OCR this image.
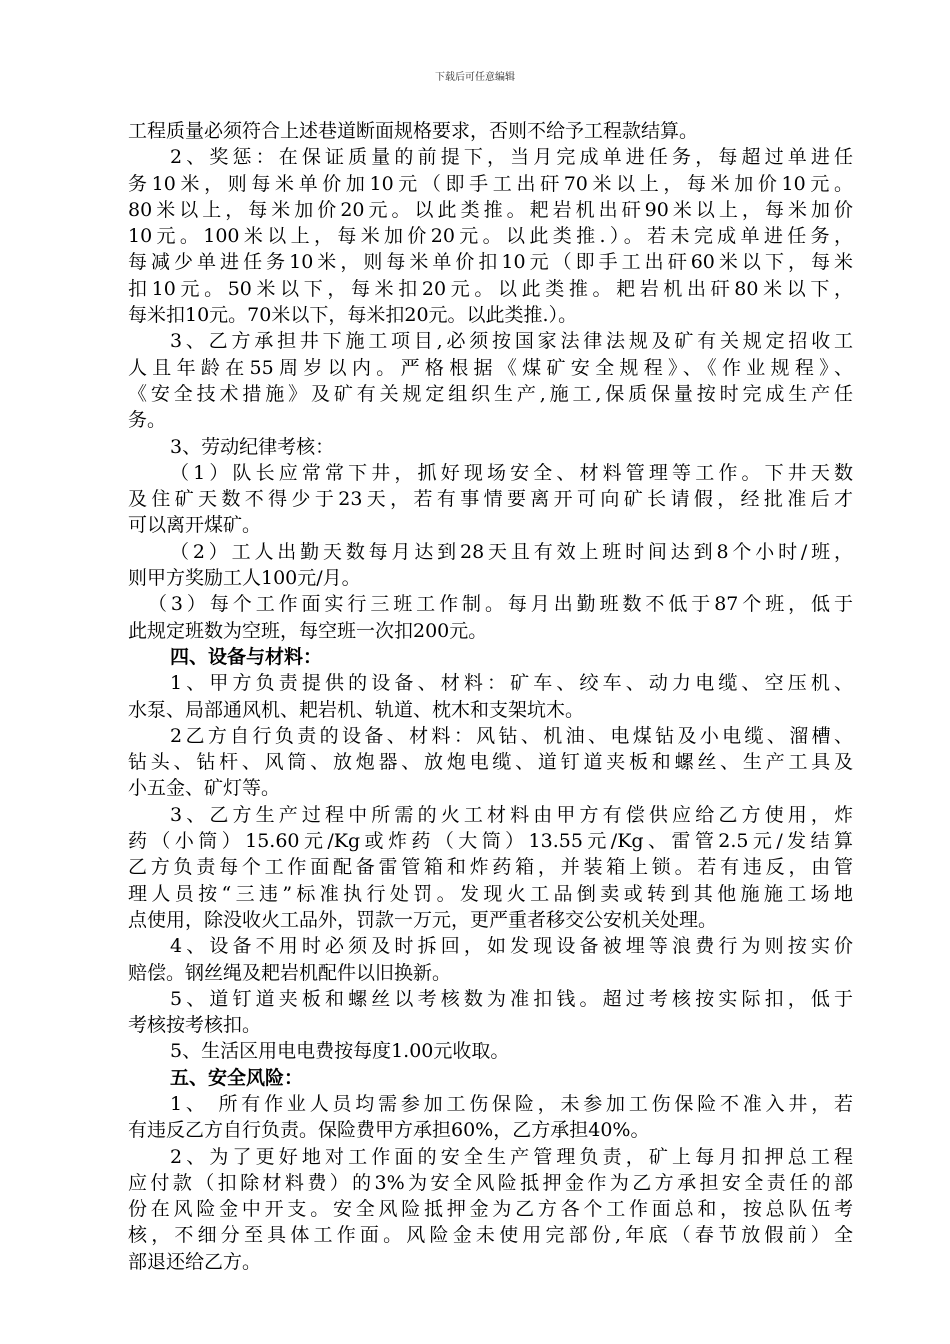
下载后可任意编辑
工程质量必须符合上述巷道断面规格要求，否则不给予工程款结算。
2、奖惩：在保证质量的前提下，当月完成单进任务，每超过单进任
务10米，则每米单价加10元（即手工出矸70米以上，每米加价10元。
80米以上，每米加价20元。以此类推。耙岩机出矸90米以上，每米加价
10元。100米以上，每米加价20元。以此类推.）。若未完成单进任务，
每减少单进任务10米，则每米单价扣10元（即手工出矸60米以下，每米
扣10元。50米以下，每米扣20元。以此类推。耙岩机出矸80米以下，
每米扣10元。70米以下，每米扣20元。以此类推.）。
3、乙方承担井下施工项目,必须按国家法律法规及矿有关规定招收工
人且年龄在55周岁以内。严格根据《煤矿安全规程》、《作业规程》、
《安全技术措施》及矿有关规定组织生产,施工,保质保量按时完成生产任
务。
3、劳动纪律考核：
（1）队长应常常下井，抓好现场安全、材料管理等工作。下井天数
及住矿天数不得少于23天，若有事情要离开可向矿长请假，经批准后才
可以离开煤矿。
（2）工人出勤天数每月达到28天且有效上班时间达到8个小时/班，
则甲方奖励工人100元/月。
（3）每个工作面实行三班工作制。每月出勤班数不低于87个班，低于
此规定班数为空班，每空班一次扣200元。
四、设备与材料：
1、甲方负责提供的设备、材料：矿车、绞车、动力电缆、空压机、
水泵、局部通风机、耙岩机、轨道、枕木和支架坑木。
2乙方自行负责的设备、材料：风钻、机油、电煤钻及小电缆、溜槽、
钻头、钻杆、风筒、放炮器、放炮电缆、道钉道夹板和螺丝、生产工具及
小五金、矿灯等。
3、乙方生产过程中所需的火工材料由甲方有偿供应给乙方使用，炸
药（小筒）15.60元/Kg或炸药（大筒）13.55元/Kg、雷管2.5元/发结算
乙方负责每个工作面配备雷管箱和炸药箱，并装箱上锁。若有违反，由管
理人员按“三违”标准执行处罚。发现火工品倒卖或转到其他施施工场地
点使用，除没收火工品外，罚款一万元，更严重者移交公安机关处理。
4、设备不用时必须及时拆回，如发现设备被埋等浪费行为则按实价
赔偿。钢丝绳及耙岩机配件以旧换新。
5、道钉道夹板和螺丝以考核数为准扣钱。超过考核按实际扣，低于
考核按考核扣。
5、生活区用电电费按每度1.00元收取。
五、安全风险：
1、 所有作业人员均需参加工伤保险，未参加工伤保险不准入井，若
有违反乙方自行负责。保险费甲方承担60%，乙方承担40%。
2、为了更好地对工作面的安全生产管理负责，矿上每月扣押总工程
应付款（扣除材料费）的3%为安全风险抵押金作为乙方承担安全责任的部
份在风险金中开支。安全风险抵押金为乙方各个工作面总和，按总队伍考
核，不细分至具体工作面。风险金未使用完部份,年底（春节放假前）全
部退还给乙方。
